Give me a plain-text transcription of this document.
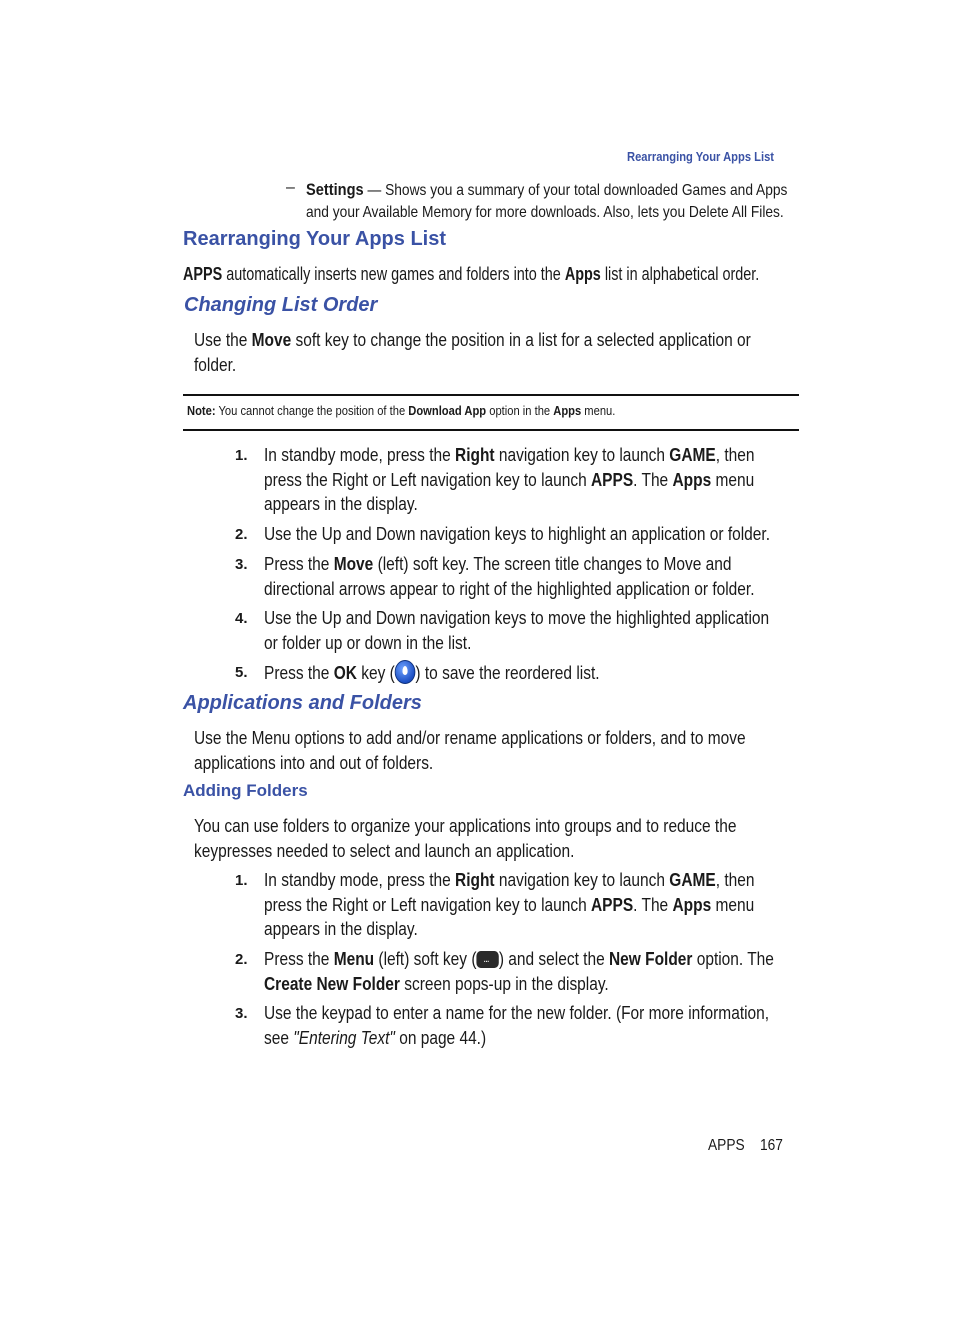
Rearranging Your Apps List
– Settings — Shows you a summary of your total downloaded Games and Apps
and your Available Memory for more downloads. Also, lets you Delete All Files.
Rearranging Your Apps List
APPS automatically inserts new games and folders into the Apps list in alphabetical order.
Changing List Order
Use the Move soft key to change the position in a list for a selected application or
folder.
Note: You cannot change the position of the Download App option in the Apps menu.
1. In standby mode, press the Right navigation key to launch GAME, then
press the Right or Left navigation key to launch APPS. The Apps menu
appears in the display.
2. Use the Up and Down navigation keys to highlight an application or folder.
3. Press the Move (left) soft key. The screen title changes to Move and
directional arrows appear to right of the highlighted application or folder.
4. Use the Up and Down navigation keys to move the highlighted application
or folder up or down in the list.
5. Press the OK key ( ) to save the reordered list.
Applications and Folders
Use the Menu options to add and/or rename applications or folders, and to move
applications into and out of folders.
Adding Folders
You can use folders to organize your applications into groups and to reduce the
keypresses needed to select and launch an application.
1. In standby mode, press the Right navigation key to launch GAME, then
press the Right or Left navigation key to launch APPS. The Apps menu
appears in the display.
2. Press the Menu (left) soft key (... ) and select the New Folder option. The
Create New Folder screen pops-up in the display.
3. Use the keypad to enter a name for the new folder. (For more information,
see "Entering Text" on page 44.)
APPS 167
